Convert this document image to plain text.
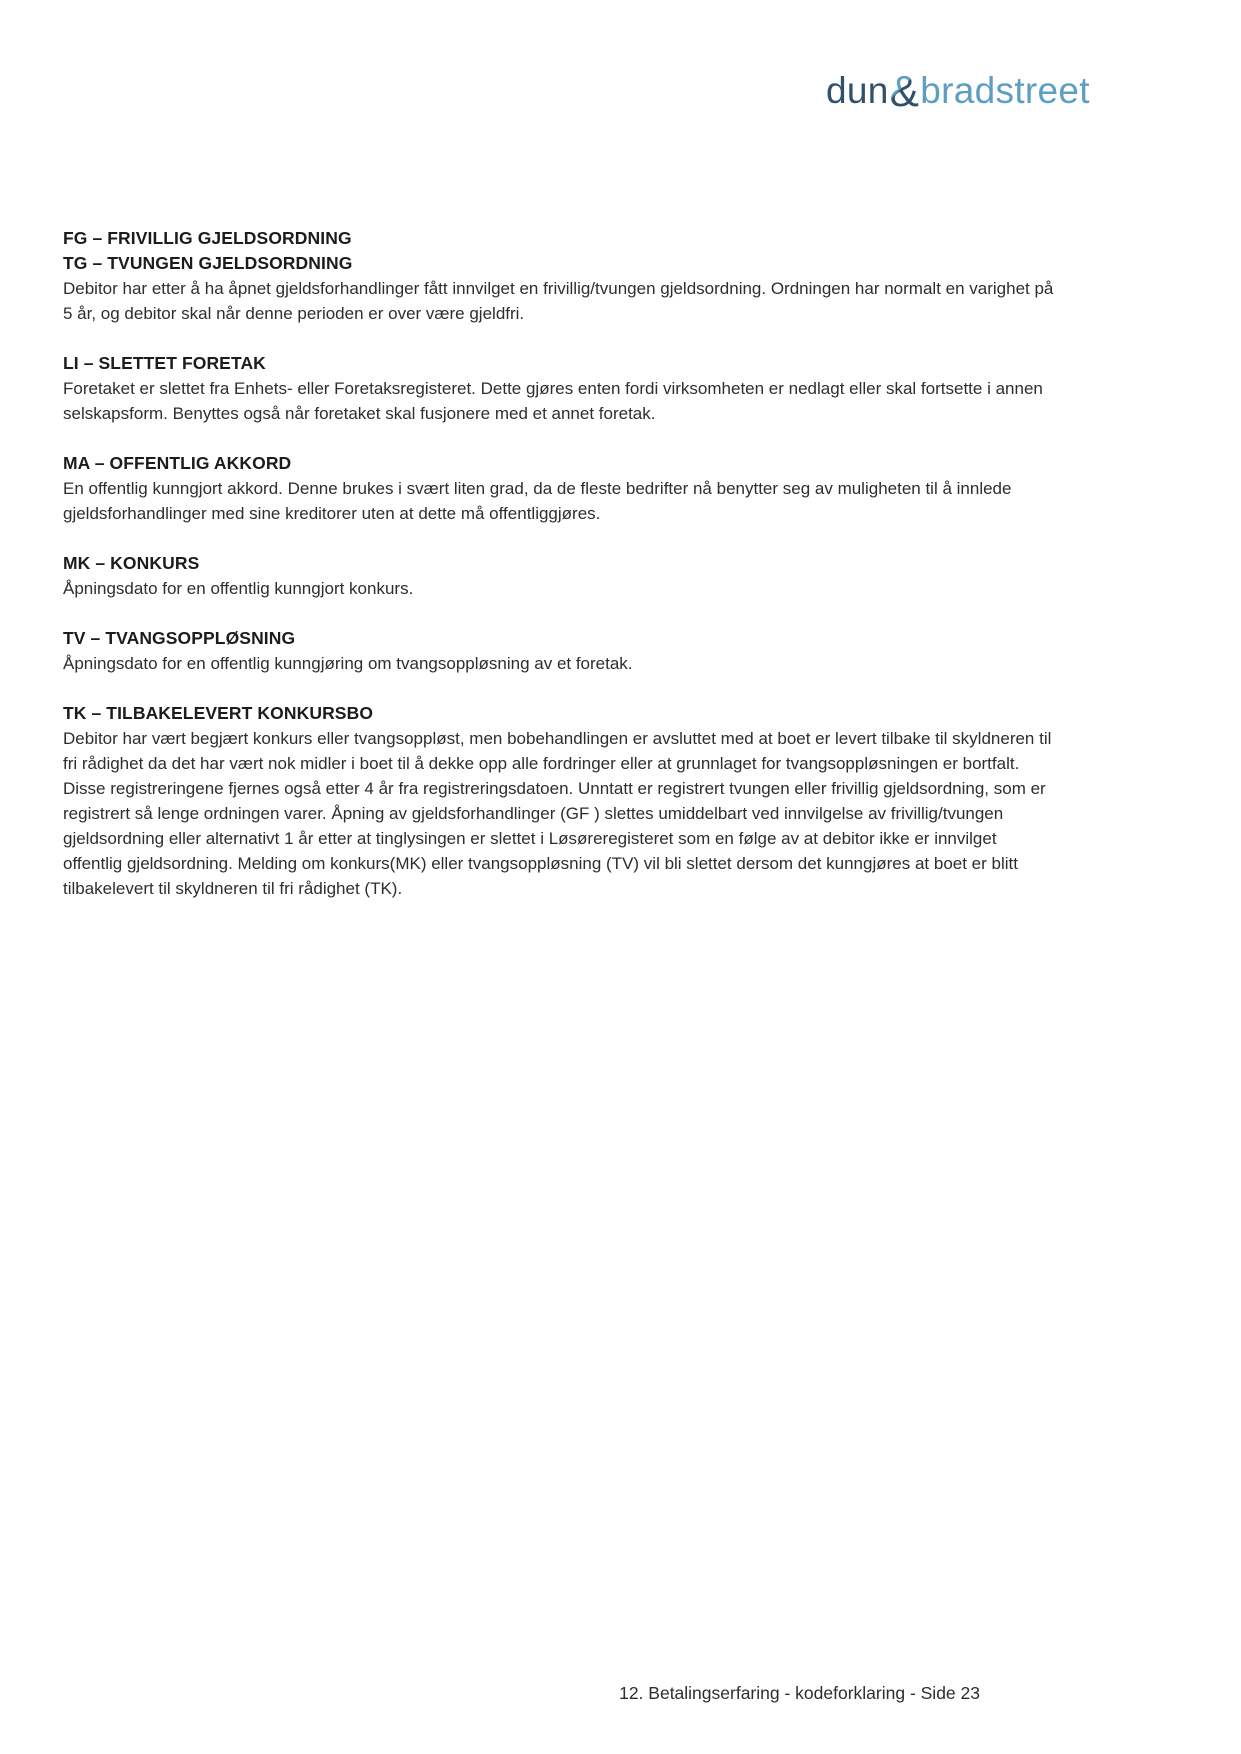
dun&bradstreet

FG – FRIVILLIG GJELDSORDNING

TG – TVUNGEN GJELDSORDNING

Debitor har etter å ha åpnet gjeldsforhandlinger fått innvilget en frivillig/tvungen gjeldsordning. Ordningen har normalt en varighet på 5 år, og debitor skal når denne perioden er over være gjeldfri.

LI – SLETTET FORETAK

Foretaket er slettet fra Enhets- eller Foretaksregisteret. Dette gjøres enten fordi virksomheten er nedlagt eller skal fortsette i annen selskapsform. Benyttes også når foretaket skal fusjonere med et annet foretak.

MA – OFFENTLIG AKKORD

En offentlig kunngjort akkord. Denne brukes i svært liten grad, da de fleste bedrifter nå benytter seg av muligheten til å innlede gjeldsforhandlinger med sine kreditorer uten at dette må offentliggjøres.

MK – KONKURS

Åpningsdato for en offentlig kunngjort konkurs.

TV – TVANGSOPPLØSNING

Åpningsdato for en offentlig kunngjøring om tvangsoppløsning av et foretak.

TK – TILBAKELEVERT KONKURSBO

Debitor har vært begjært konkurs eller tvangsoppløst, men bobehandlingen er avsluttet med at boet er levert tilbake til skyldneren til fri rådighet da det har vært nok midler i boet til å dekke opp alle fordringer eller at grunnlaget for tvangsoppløsningen er bortfalt. Disse registreringene fjernes også etter 4 år fra registreringsdatoen. Unntatt er registrert tvungen eller frivillig gjeldsordning, som er registrert så lenge ordningen varer. Åpning av gjeldsforhandlinger (GF ) slettes umiddelbart ved innvilgelse av frivillig/tvungen gjeldsordning eller alternativt 1 år etter at tinglysingen er slettet i Løsøreregisteret som en følge av at debitor ikke er innvilget offentlig gjeldsordning. Melding om konkurs(MK) eller tvangsoppløsning (TV) vil bli slettet dersom det kunngjøres at boet er blitt tilbakelevert til skyldneren til fri rådighet (TK).

12. Betalingserfaring - kodeforklaring - Side 23
